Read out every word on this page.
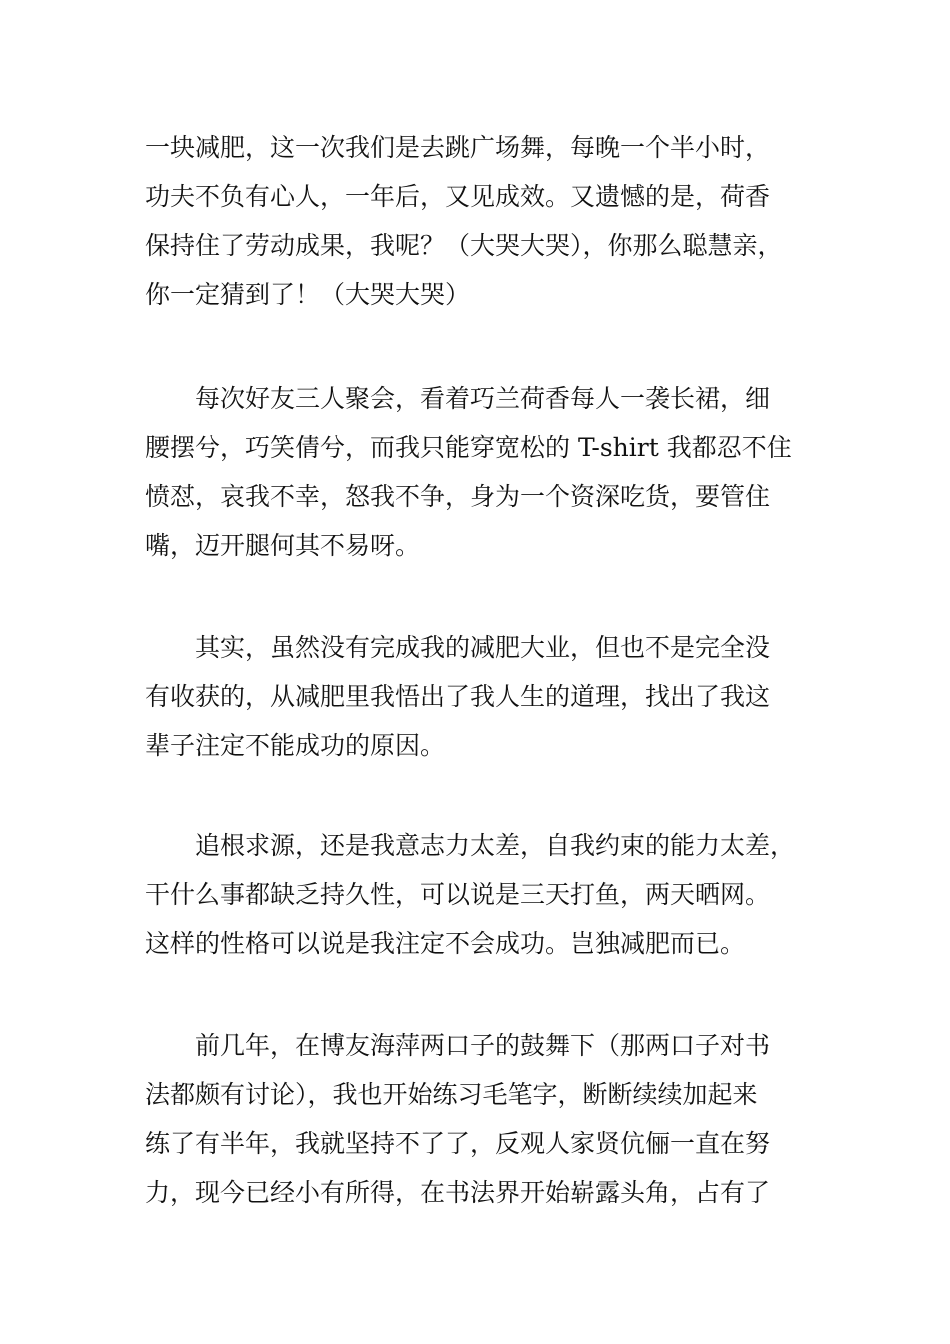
一块减肥，这一次我们是去跳广场舞，每晚一个半小时，
功夫不负有心人，一年后，又见成效。又遗憾的是，荷香
保持住了劳动成果，我呢？（大哭大哭），你那么聪慧亲，
你一定猜到了！（大哭大哭）
　　每次好友三人聚会，看着巧兰荷香每人一袭长裙，细
腰摆兮，巧笑倩兮，而我只能穿宽松的 T-shirt 我都忍不住
愤怼，哀我不幸，怒我不争，身为一个资深吃货，要管住
嘴，迈开腿何其不易呀。
　　其实，虽然没有完成我的减肥大业，但也不是完全没
有收获的，从减肥里我悟出了我人生的道理，找出了我这
辈子注定不能成功的原因。
　　追根求源，还是我意志力太差，自我约束的能力太差，
干什么事都缺乏持久性，可以说是三天打鱼，两天晒网。
这样的性格可以说是我注定不会成功。岂独减肥而已。
　　前几年，在博友海萍两口子的鼓舞下（那两口子对书
法都颇有讨论），我也开始练习毛笔字，断断续续加起来
练了有半年，我就坚持不了了，反观人家贤伉俪一直在努
力，现今已经小有所得，在书法界开始崭露头角，占有了
